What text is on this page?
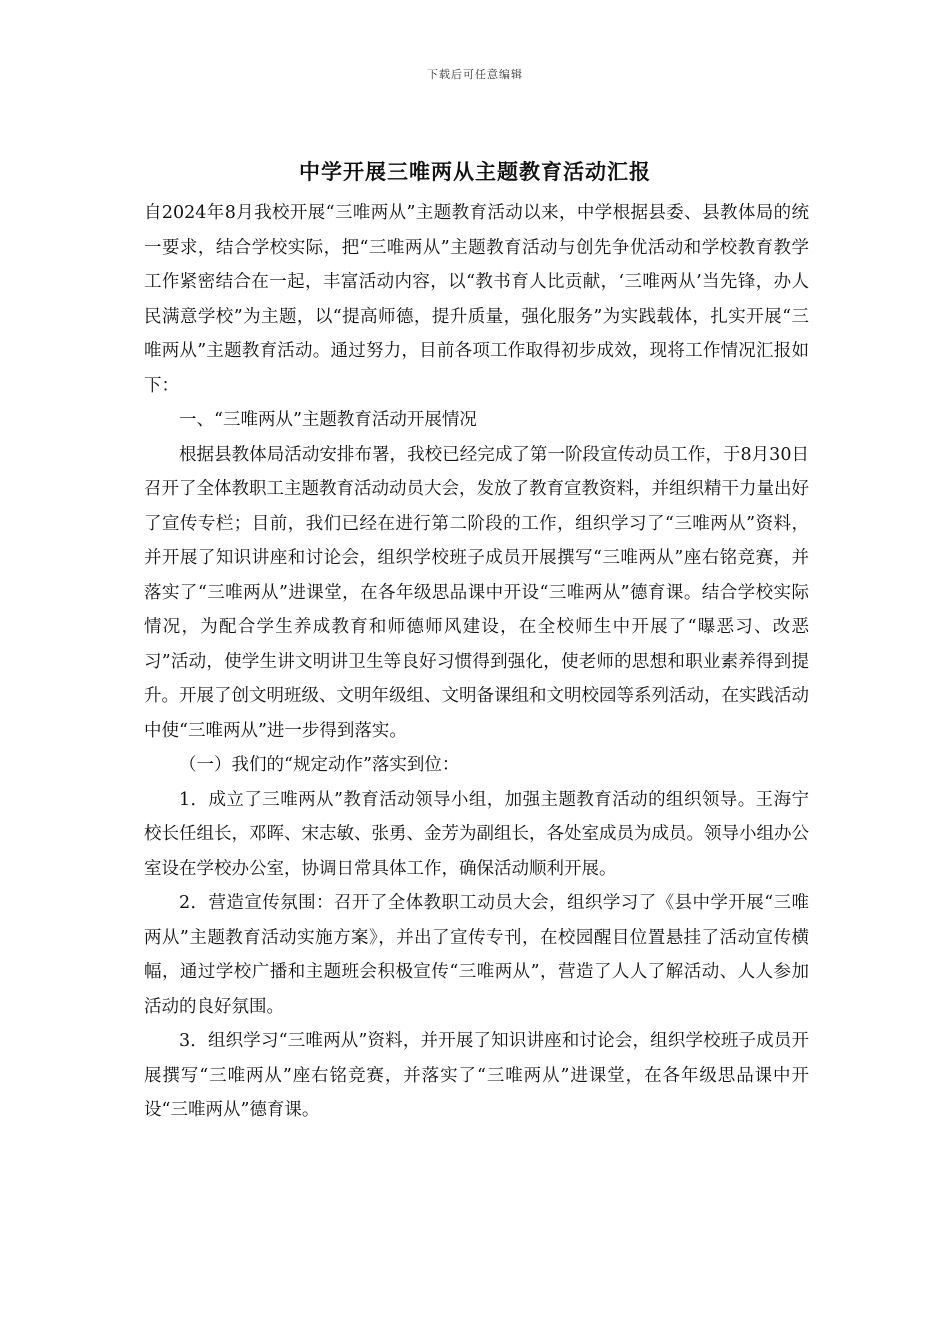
下载后可任意编辑
中学开展三唯两从主题教育活动汇报

自2024年8月我校开展“三唯两从”主题教育活动以来，中学根据县委、县教体局的统一要求，结合学校实际，把“三唯两从”主题教育活动与创先争优活动和学校教育教学工作紧密结合在一起，丰富活动内容，以“教书育人比贡献，‘三唯两从’当先锋，办人民满意学校”为主题，以“提高师德，提升质量，强化服务”为实践载体，扎实开展“三唯两从”主题教育活动。通过努力，目前各项工作取得初步成效，现将工作情况汇报如下：

一、“三唯两从”主题教育活动开展情况

根据县教体局活动安排布署，我校已经完成了第一阶段宣传动员工作，于8月30日召开了全体教职工主题教育活动动员大会，发放了教育宣教资料，并组织精干力量出好了宣传专栏；目前，我们已经在进行第二阶段的工作，组织学习了“三唯两从”资料，并开展了知识讲座和讨论会，组织学校班子成员开展撰写“三唯两从”座右铭竞赛，并落实了“三唯两从”进课堂，在各年级思品课中开设“三唯两从”德育课。结合学校实际情况，为配合学生养成教育和师德师风建设，在全校师生中开展了“曝恶习、改恶习”活动，使学生讲文明讲卫生等良好习惯得到强化，使老师的思想和职业素养得到提升。开展了创文明班级、文明年级组、文明备课组和文明校园等系列活动，在实践活动中使“三唯两从”进一步得到落实。

（一）我们的“规定动作”落实到位：

1．成立了三唯两从”教育活动领导小组，加强主题教育活动的组织领导。王海宁校长任组长，邓晖、宋志敏、张勇、金芳为副组长，各处室成员为成员。领导小组办公室设在学校办公室，协调日常具体工作，确保活动顺利开展。

2．营造宣传氛围：召开了全体教职工动员大会，组织学习了《县中学开展“三唯两从”主题教育活动实施方案》，并出了宣传专刊，在校园醒目位置悬挂了活动宣传横幅，通过学校广播和主题班会积极宣传“三唯两从”，营造了人人了解活动、人人参加活动的良好氛围。

3．组织学习“三唯两从”资料，并开展了知识讲座和讨论会，组织学校班子成员开展撰写“三唯两从”座右铭竞赛，并落实了“三唯两从”进课堂，在各年级思品课中开设“三唯两从”德育课。
